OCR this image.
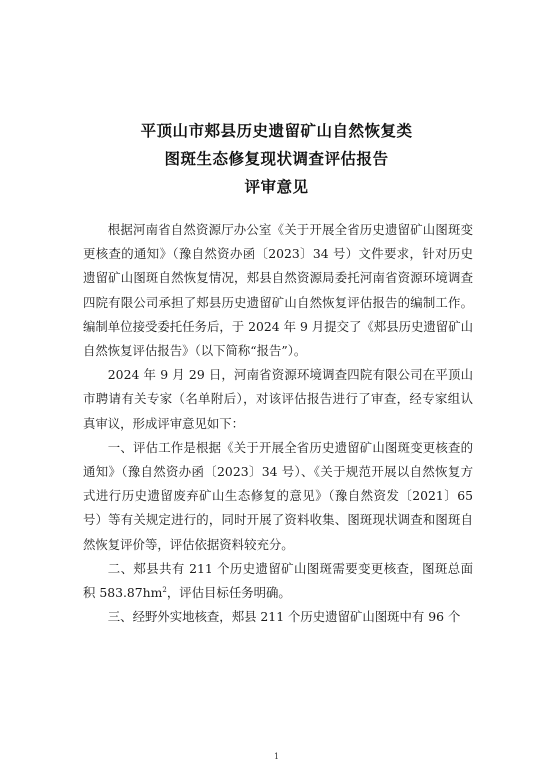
平顶山市郏县历史遗留矿山自然恢复类
图斑生态修复现状调查评估报告
评审意见

根据河南省自然资源厅办公室《关于开展全省历史遗留矿山图斑变更核查的通知》（豫自然资办函〔2023〕34 号）文件要求，针对历史遗留矿山图斑自然恢复情况，郏县自然资源局委托河南省资源环境调查四院有限公司承担了郏县历史遗留矿山自然恢复评估报告的编制工作。编制单位接受委托任务后，于 2024 年 9 月提交了《郏县历史遗留矿山自然恢复评估报告》（以下简称“报告”）。

2024 年 9 月 29 日，河南省资源环境调查四院有限公司在平顶山市聘请有关专家（名单附后），对该评估报告进行了审查，经专家组认真审议，形成评审意见如下：

一、评估工作是根据《关于开展全省历史遗留矿山图斑变更核查的通知》（豫自然资办函〔2023〕34 号）、《关于规范开展以自然恢复方式进行历史遗留废弃矿山生态修复的意见》（豫自然资发〔2021〕65 号）等有关规定进行的，同时开展了资料收集、图斑现状调查和图斑自然恢复评价等，评估依据资料较充分。

二、郏县共有 211 个历史遗留矿山图斑需要变更核查，图斑总面积 $583.87hm^2$，评估目标任务明确。

三、经野外实地核查，郏县 211 个历史遗留矿山图斑中有 96 个

1
